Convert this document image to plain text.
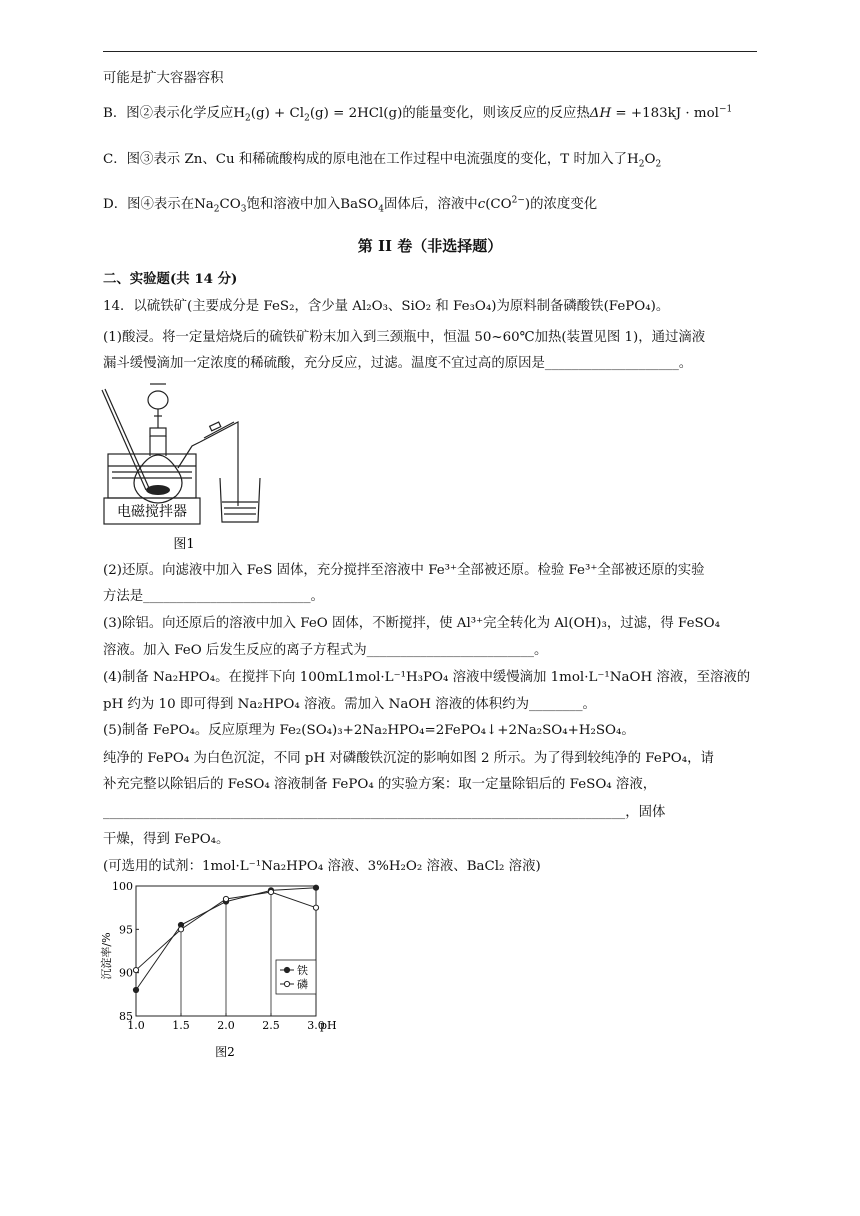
可能是扩大容器容积
B．图②表示化学反应$H_2(g) + Cl_2(g) = 2HCl(g)$的能量变化，则该反应的反应热ΔH = +183kJ · mol$^{-1}$
C．图③表示 Zn、Cu 和稀硫酸构成的原电池在工作过程中电流强度的变化，T 时加入了$H_2O_2$
D．图④表示在$Na_2CO_3$饱和溶液中加入BaSO$_4$固体后，溶液中$c(CO^{2-})$的浓度变化
第 II 卷（非选择题）
二、实验题(共 14 分)
14．以硫铁矿(主要成分是 FeS₂，含少量 Al₂O₃、SiO₂ 和 Fe₃O₄)为原料制备磷酸铁(FePO₄)。
(1)酸浸。将一定量焙烧后的硫铁矿粉末加入到三颈瓶中，恒温 50~60℃加热(装置见图 1)，通过滴液
漏斗缓慢滴加一定浓度的稀硫酸，充分反应，过滤。温度不宜过高的原因是____________________。
电磁搅拌器
图1
(2)还原。向滤液中加入 FeS 固体，充分搅拌至溶液中 Fe³⁺全部被还原。检验 Fe³⁺全部被还原的实验
方法是_________________________。
(3)除铝。向还原后的溶液中加入 FeO 固体，不断搅拌，使 Al³⁺完全转化为 Al(OH)₃，过滤，得 FeSO₄
溶液。加入 FeO 后发生反应的离子方程式为_________________________。
(4)制备 Na₂HPO₄。在搅拌下向 100mL1mol·L⁻¹H₃PO₄ 溶液中缓慢滴加 1mol·L⁻¹NaOH 溶液，至溶液的
pH 约为 10 即可得到 Na₂HPO₄ 溶液。需加入 NaOH 溶液的体积约为________。
(5)制备 FePO₄。反应原理为 Fe₂(SO₄)₃+2Na₂HPO₄=2FePO₄↓+2Na₂SO₄+H₂SO₄。
纯净的 FePO₄ 为白色沉淀，不同 pH 对磷酸铁沉淀的影响如图 2 所示。为了得到较纯净的 FePO₄，请
补充完整以除铝后的 FeSO₄ 溶液制备 FePO₄ 的实验方案：取一定量除铝后的 FeSO₄ 溶液，
______________________________________________________________________________，固体
干燥，得到 FePO₄。
(可选用的试剂：1mol·L⁻¹Na₂HPO₄ 溶液、3%H₂O₂ 溶液、BaCl₂ 溶液)
1.0	1.5	2.0	2.5	3.0
pH
85
90
95
100
铁
磷
沉淀率/%
图2
